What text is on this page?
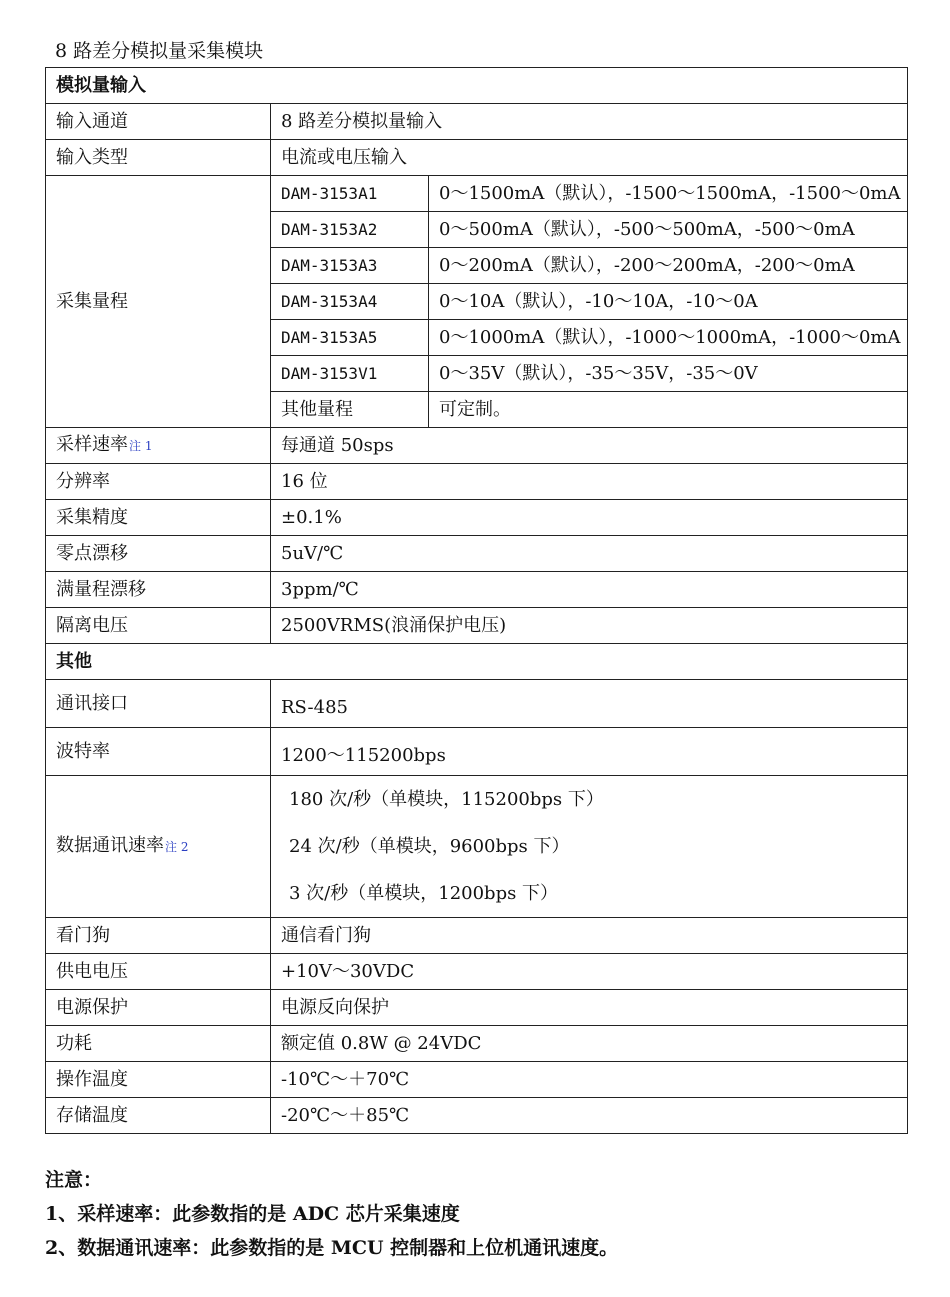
8 路差分模拟量采集模块
模拟量输入		
输入通道	8 路差分模拟量输入	
输入类型	电流或电压输入	
采集量程	DAM-3153A1	0～1500mA（默认），-1500～1500mA，-1500～0mA
	DAM-3153A2	0～500mA（默认），-500～500mA，-500～0mA
	DAM-3153A3	0～200mA（默认），-200～200mA，-200～0mA
	DAM-3153A4	0～10A（默认），-10～10A，-10～0A
	DAM-3153A5	0～1000mA（默认），-1000～1000mA，-1000～0mA
	DAM-3153V1	0～35V（默认），-35～35V，-35～0V
	其他量程	可定制。
采样速率注 1	每通道 50sps	
分辨率	16 位	
采集精度	±0.1%	
零点漂移	5uV/℃	
满量程漂移	3ppm/℃	
隔离电压	2500VRMS(浪涌保护电压)	
其他		
通讯接口	RS-485	
波特率	1200～115200bps	
数据通讯速率注 2	180 次/秒（单模块，115200bps 下）
24 次/秒（单模块，9600bps 下）
3 次/秒（单模块，1200bps 下）	

看门狗	通信看门狗	
供电电压	+10V～30VDC	
电源保护	电源反向保护	
功耗	额定值 0.8W @ 24VDC	
操作温度	-10℃～＋70℃	
存储温度	-20℃～＋85℃	
注意：
1、采样速率：此参数指的是 ADC 芯片采集速度
2、数据通讯速率：此参数指的是 MCU 控制器和上位机通讯速度。
